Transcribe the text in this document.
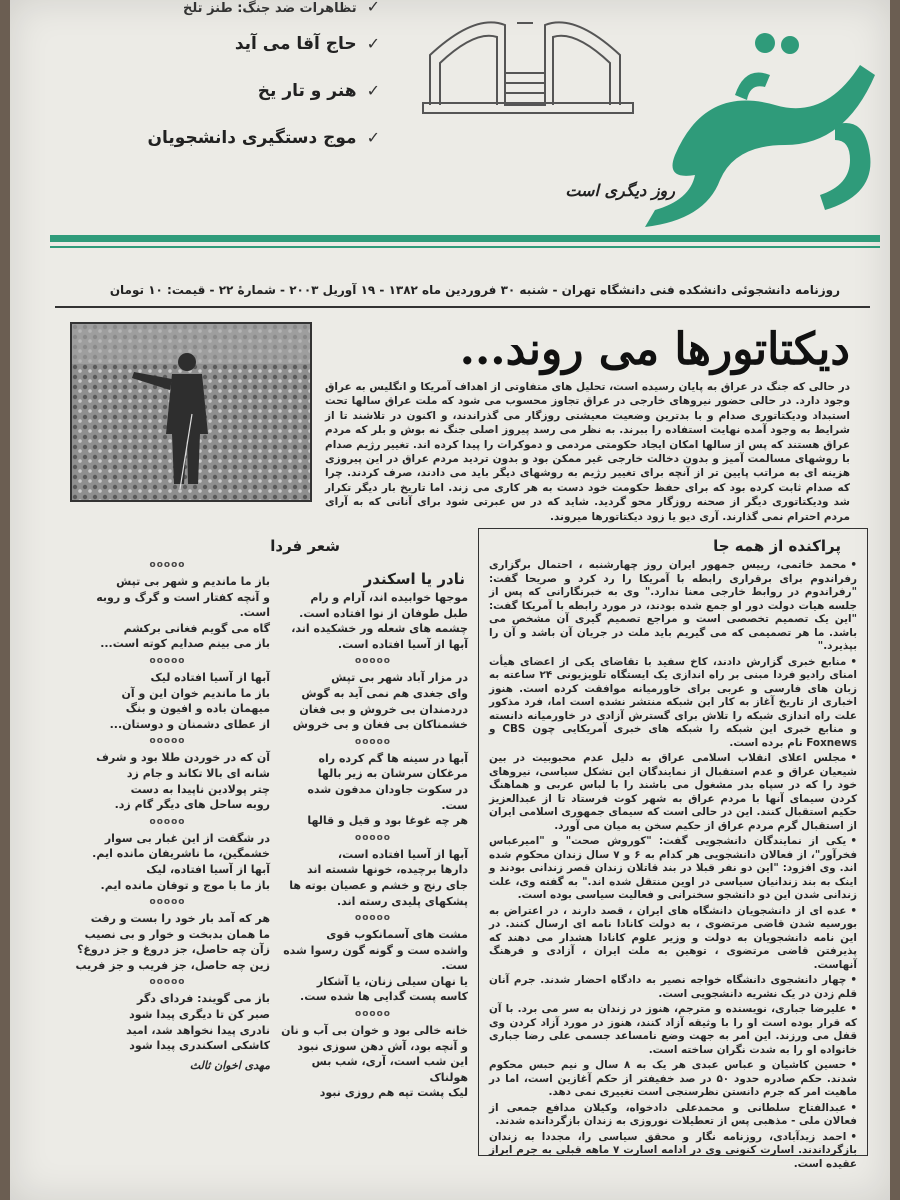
✓تظاهرات ضد جنگ: طنز تلخ
✓حاج آقا می آید
✓هنر و تار یخ
✓موج دستگیری دانشجویان
فردا
روز دیگری است
روزنامه دانشجوئی دانشکده فنی دانشگاه تهران - شنبه ۳۰ فروردین ماه ۱۳۸۲ - ۱۹ آوریل ۲۰۰۳ - شمارهٔ ۲۲ - قیمت: ۱۰ تومان
دیکتاتورها می روند...
در حالی که جنگ در عراق به پایان رسیده است، تحلیل های متفاوتی از اهداف آمریکا و انگلیس به عراق وجود دارد. در حالی حضور نیروهای خارجی در عراق تجاوز محسوب می شود که ملت عراق سالها تحت استبداد ودیکتاتوری صدام و با بدترین وضعیت معیشتی روزگار می گذراندند، و اکنون در تلاشند تا از شرایط به وجود آمده نهایت استفاده را ببرند. به نظر می رسد پیروز اصلی جنگ نه بوش و بلر که مردم عراق هستند که پس از سالها امکان ایجاد حکومتی مردمی و دموکرات را پیدا کرده اند. تغییر رژیم صدام با روشهای مسالمت آمیز و بدون دخالت خارجی غیر ممکن بود و بدون تردید مردم عراق در این پیروزی هزینه ای به مراتب پایین تر از آنچه برای تغییر رژیم به روشهای دیگر باید می دادند، صرف کردند. چرا که صدام ثابت کرده بود که برای حفظ حکومت خود دست به هر کاری می زند. اما تاریخ بار دیگر تکرار شد ودیکتاتوری دیگر از صحنه روزگار محو گردید. شاید که در س عبرتی شود برای آنانی که به آرای مردم احترام نمی گذارند. آری دیو یا زود دیکتاتورها میروند.
پراکنده از همه جا
•محمد خاتمی، رییس جمهور ایران روز چهارشنبه ، احتمال برگزاری رفراندوم برای برقراری رابطه با آمریکا را رد کرد و صریحا گفت: "رفراندوم در روابط خارجی معنا ندارد." وی به خبرنگارانی که پس از جلسه هیات دولت دور او جمع شده بودند، در مورد رابطه با آمریکا گفت: "این یک تصمیم تخصصی است و مراجع تصمیم گیری آن مشخص می باشد. ما هر تصمیمی که می گیریم باید ملت در جریان آن باشد و آن را بپذیرد."
•منابع خبری گزارش دادند، کاخ سفید با تقاضای یکی از اعضای هیأت امنای رادیو فردا مبنی بر راه اندازی یک ایستگاه تلویزیونی ۲۴ ساعته به زبان های فارسی و عربی برای خاورمیانه موافقت کرده است. هنوز اخباری از تاریخ آغاز به کار این شبکه منتشر نشده است اما، فرد مذکور علت راه اندازی شبکه را تلاش برای گسترش آزادی در خاورمیانه دانسته و منابع خبری این شبکه را شبکه های خبری آمریکایی چون CBS و Foxnews نام برده است.
•مجلس اعلای انقلاب اسلامی عراق به دلیل عدم محبوبیت در بین شیعیان عراق و عدم استقبال از نمایندگان این تشکل سیاسی، نیروهای خود را که در سپاه بدر مشغول می باشند را با لباس عربی و هماهنگ کردن سیمای آنها با مردم عراق به شهر کوت فرستاد تا از عبدالعزیز حکیم استقبال کنند. این در حالی است که سیمای جمهوری اسلامی ایران از استقبال گرم مردم عراق از حکیم سخن به میان می آورد.
•یکی از نمایندگان دانشجویی گفت: "کوروش صحت" و "امیرعباس فخرآور"، از فعالان دانشجویی هر کدام به ۶ و ۷ سال زندان محکوم شده اند. وی افزود: "این دو نفر قبلا در بند قاتلان زندان قصر زندانی بودند و اینک به بند زندانیان سیاسی در اوین منتقل شده اند." به گفته وی، علت زندانی شدن این دو دانشجو سخنرانی و فعالیت سیاسی بوده است.
•عده ای از دانشجویان دانشگاه های ایران ، قصد دارند ، در اعتراض به بورسیه شدن قاضی مرتضوی ، به دولت کانادا نامه ای ارسال کنند. در این نامه دانشجویان به دولت و وزیر علوم کانادا هشدار می دهند که پذیرفتن قاضی مرتضوی ، توهین به ملت ایران ، آزادی و فرهنگ آنهاست.
•چهار دانشجوی دانشگاه خواجه نصیر به دادگاه احضار شدند. جرم آنان قلم زدن در یک نشریه دانشجویی است.
•علیرضا جباری، نویسنده و مترجم، هنوز در زندان به سر می برد. با آن که قرار بوده است او را با وثیقه آزاد کنند، هنوز در مورد آزاد کردن وی قفل می ورزند. این امر به جهت وضع نامساعد جسمی علی رضا جباری خانواده او را به شدت نگران ساخته است.
•حسین کاشیان و عباس عبدی هر یک به ۸ سال و نیم حبس محکوم شدند. حکم صادره حدود ۵۰ در صد خفیفتر از حکم آغازین است، اما در ماهیت امر که جرم دانستن نظرسنجی است تغییری نمی دهد.
•عبدالفتاح سلطانی و محمدعلی دادخواه، وکیلان مدافع جمعی از فعالان ملی - مذهبی پس از تعطیلات نوروزی به زندان بازگردانده شدند.
•احمد زیدآبادی، روزنامه نگار و محقق سیاسی را، مجددا به زندان بازگرداندند. اسارت کنونی وی در ادامه اسارت ۷ ماهه قبلی به جرم ابراز عقیده است.
شعر فردا
نادر یا اسکندر
موجها خوابیده اند، آرام و رام
طبل طوفان از نوا افتاده است.
چشمه های شعله ور خشکیده اند،
آبها از آسیا افتاده است.
ooooo
در مزار آباد شهر بی تپش
وای جغدی هم نمی آید به گوش
دردمندان بی خروش و بی فغان
خشمناکان بی فغان و بی خروش
ooooo
آبها در سینه ها گم کرده راه
مرغکان سرشان به زیر بالها
در سکوت جاودان مدفون شده ست.
هر چه غوغا بود و قیل و قالها
ooooo
آبها از آسیا افتاده است،
دارها برچیده، خونها شسته اند
جای رنج و خشم و عصیان بوته ها
پشکهای پلیدی رسته اند.
ooooo
مشت های آسمانکوب قوی
واشده ست و گونه گون رسوا شده ست.
یا نهان سیلی زنان، یا آشکار
کاسه پست گدایی ها شده ست.
ooooo
خانه خالی بود و خوان بی آب و نان
و آنچه بود، آش دهن سوزی نبود
این شب است، آری، شب بس هولناک
لیک پشت تپه هم روزی نبود
ooooo
باز ما ماندیم و شهر بی تپش
و آنچه کفتار است و گرگ و روبه است.
گاه می گویم فغانی برکشم
باز می بینم صدایم کوته است...
ooooo
آبها از آسیا افتاده لیک
باز ما ماندیم خوان این و آن
میهمان باده و افیون و بنگ
از عطای دشمنان و دوستان...
ooooo
آن که در خوردن طلا بود و شرف
شانه ای بالا تکاند و جام زد
چتر پولادین ناپیدا به دست
روبه ساحل های دیگر گام زد.
ooooo
در شگفت از این غبار بی سوار
خشمگین، ما ناشریفان مانده ایم.
آبها از آسیا افتاده، لیک
باز ما با موج و توفان مانده ایم.
ooooo
هر که آمد بار خود را بست و رفت
ما همان بدبخت و خوار و بی نصیب
زآن چه حاصل، جز دروغ و جز دروغ؟
زین چه حاصل، جز فریب و جز فریب
ooooo
باز می گویند: فردای دگر
صبر کن تا دیگری پیدا شود
نادری پیدا نخواهد شد، امید
کاشکی اسکندری پیدا شود
مهدی اخوان ثالث
